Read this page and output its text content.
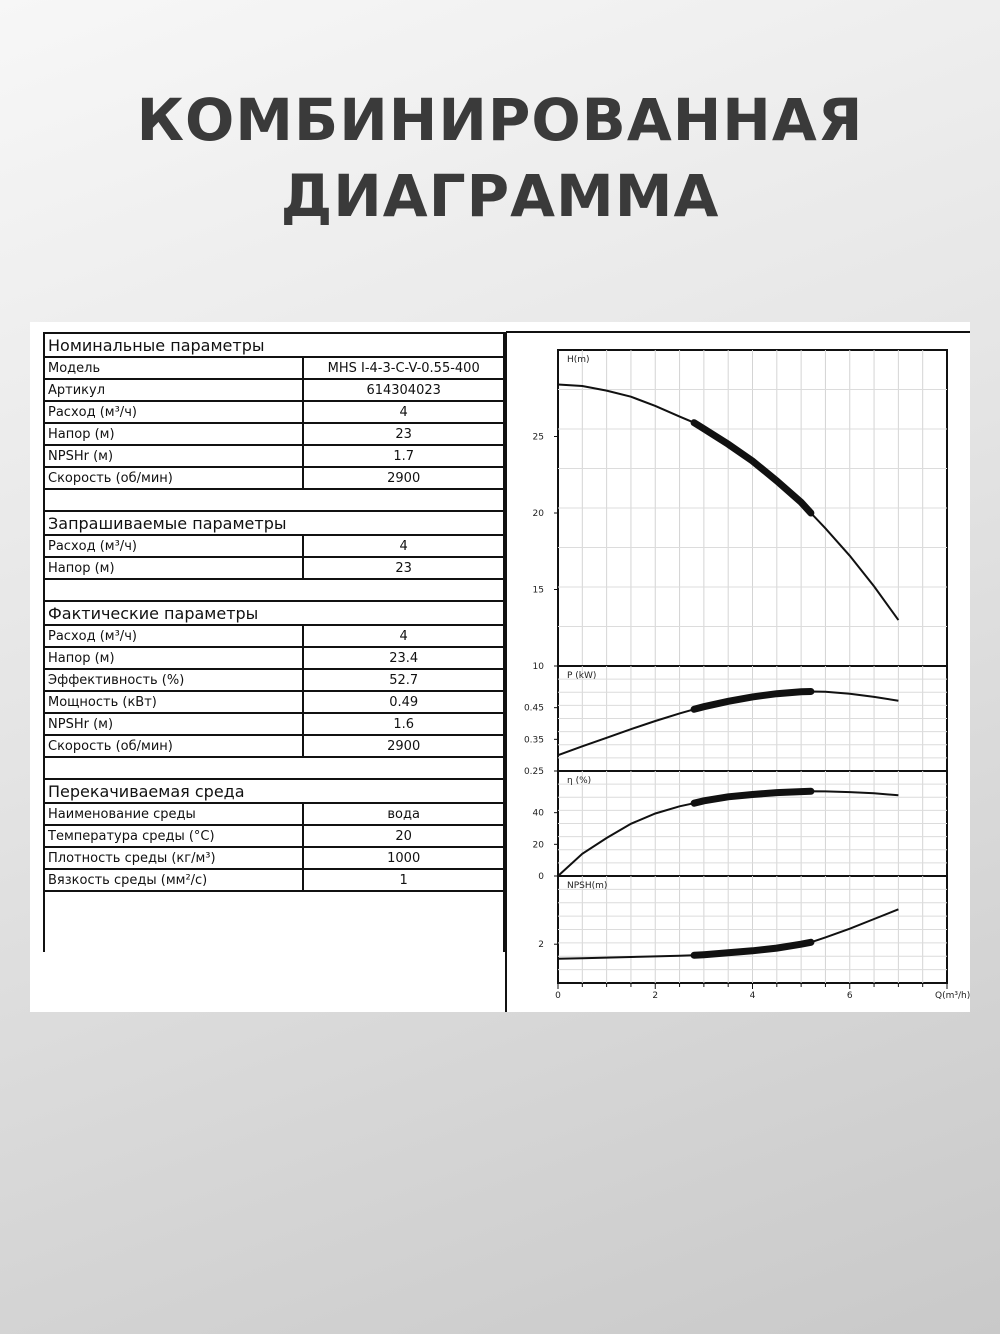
КОМБИНИРОВАННАЯ
ДИАГРАММА
Номинальные параметры	
Модель	MHS I-4-3-C-V-0.55-400
Артикул	614304023
Расход (м³/ч)	4
Напор (м)	23
NPSHr (м)	1.7
Скорость (об/мин)	2900

Запрашиваемые параметры	
Расход (м³/ч)	4
Напор (м)	23

Фактические параметры	
Расход (м³/ч)	4
Напор (м)	23.4
Эффективность (%)	52.7
Мощность (кВт)	0.49
NPSHr (м)	1.6
Скорость (об/мин)	2900

Перекачиваемая среда	
Наименование среды	вода
Температура среды (°C)	20
Плотность среды (кг/м³)	1000
Вязкость среды (мм²/с)	1

10
15
20
25
H(m)
0.25
0.35
0.45
P (kW)
0
20
40
η (%)
2
NPSH(m)
0	2	4	6	Q(m³/h)
